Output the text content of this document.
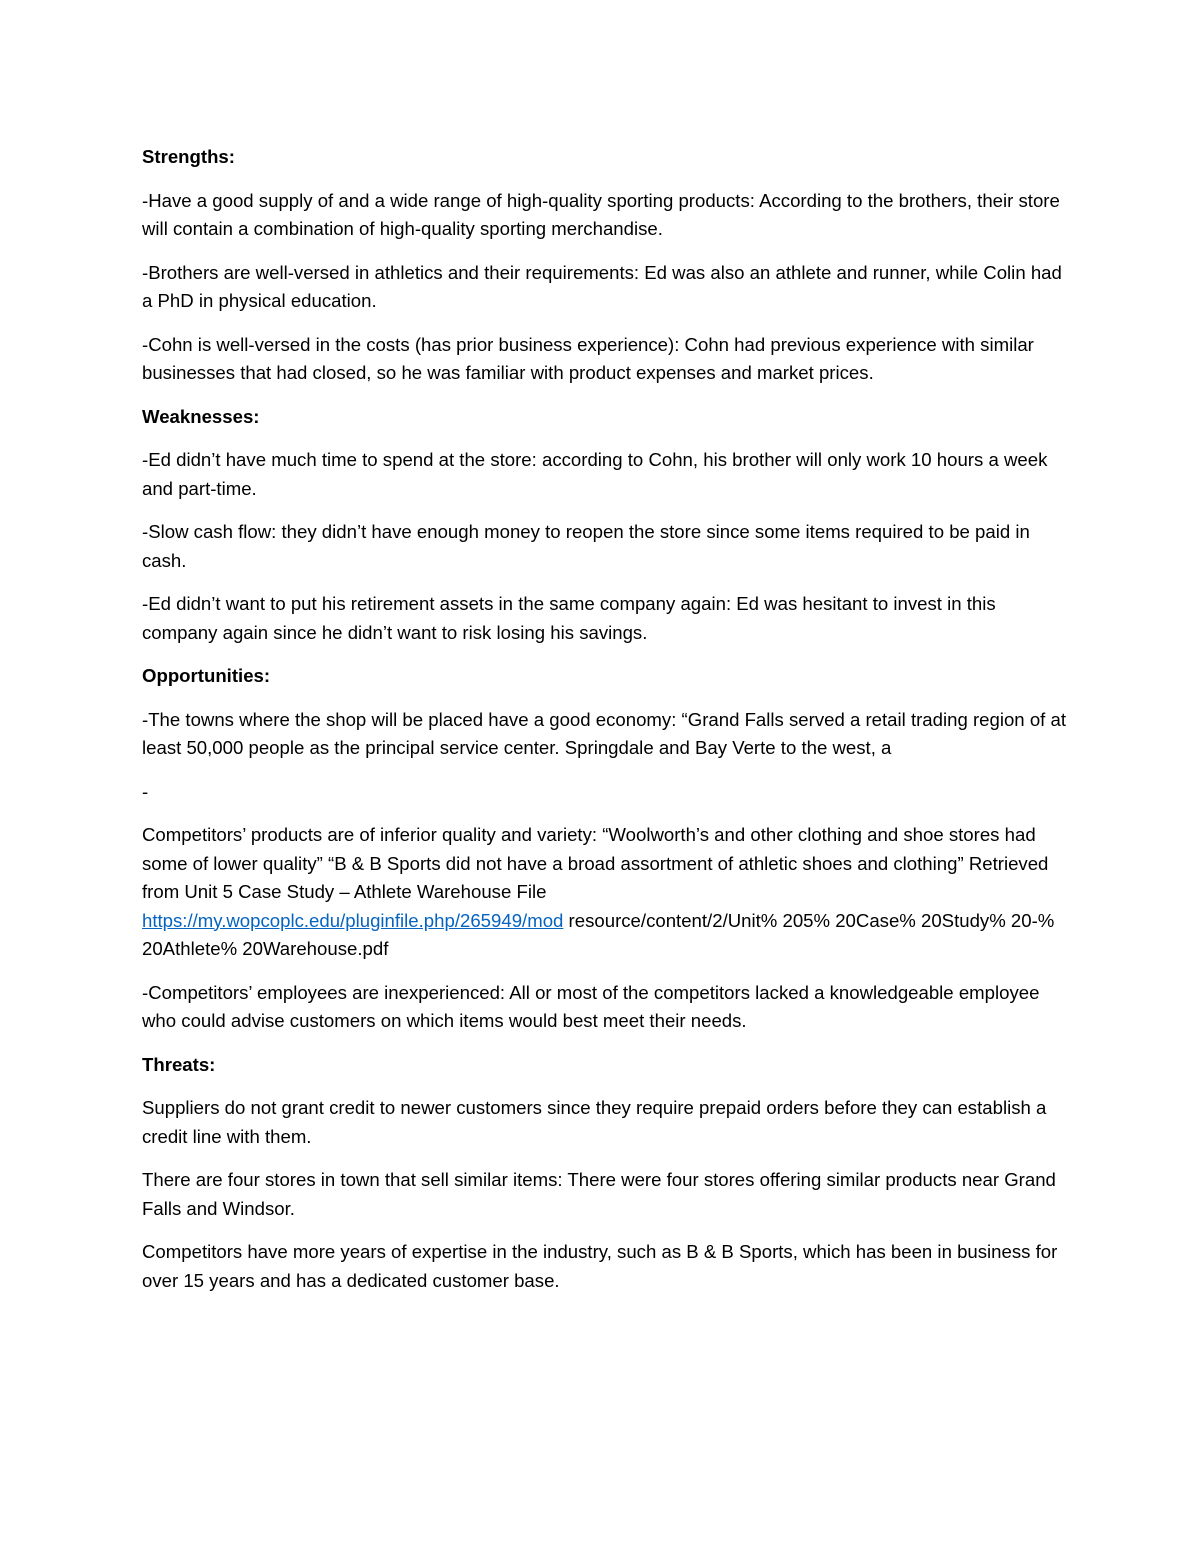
Strengths:

-Have a good supply of and a wide range of high-quality sporting products: According to the brothers, their store will contain a combination of high-quality sporting merchandise.

-Brothers are well-versed in athletics and their requirements: Ed was also an athlete and runner, while Colin had a PhD in physical education.

-Cohn is well-versed in the costs (has prior business experience): Cohn had previous experience with similar businesses that had closed, so he was familiar with product expenses and market prices.

Weaknesses:

-Ed didn’t have much time to spend at the store: according to Cohn, his brother will only work 10 hours a week and part-time.

-Slow cash flow: they didn’t have enough money to reopen the store since some items required to be paid in cash.

-Ed didn’t want to put his retirement assets in the same company again: Ed was hesitant to invest in this company again since he didn’t want to risk losing his savings.

Opportunities:

-The towns where the shop will be placed have a good economy: “Grand Falls served a retail trading region of at least 50,000 people as the principal service center. Springdale and Bay Verte to the west, a

-

Competitors’ products are of inferior quality and variety: “Woolworth’s and other clothing and shoe stores had some of lower quality” “B & B Sports did not have a broad assortment of athletic shoes and clothing” Retrieved from Unit 5 Case Study – Athlete Warehouse File
https://my.wopcoplc.edu/pluginfile.php/265949/mod resource/content/2/Unit% 205% 20Case% 20Study% 20-% 20Athlete% 20Warehouse.pdf

-Competitors’ employees are inexperienced: All or most of the competitors lacked a knowledgeable employee who could advise customers on which items would best meet their needs.

Threats:

Suppliers do not grant credit to newer customers since they require prepaid orders before they can establish a credit line with them.

There are four stores in town that sell similar items: There were four stores offering similar products near Grand Falls and Windsor.

Competitors have more years of expertise in the industry, such as B & B Sports, which has been in business for over 15 years and has a dedicated customer base.
